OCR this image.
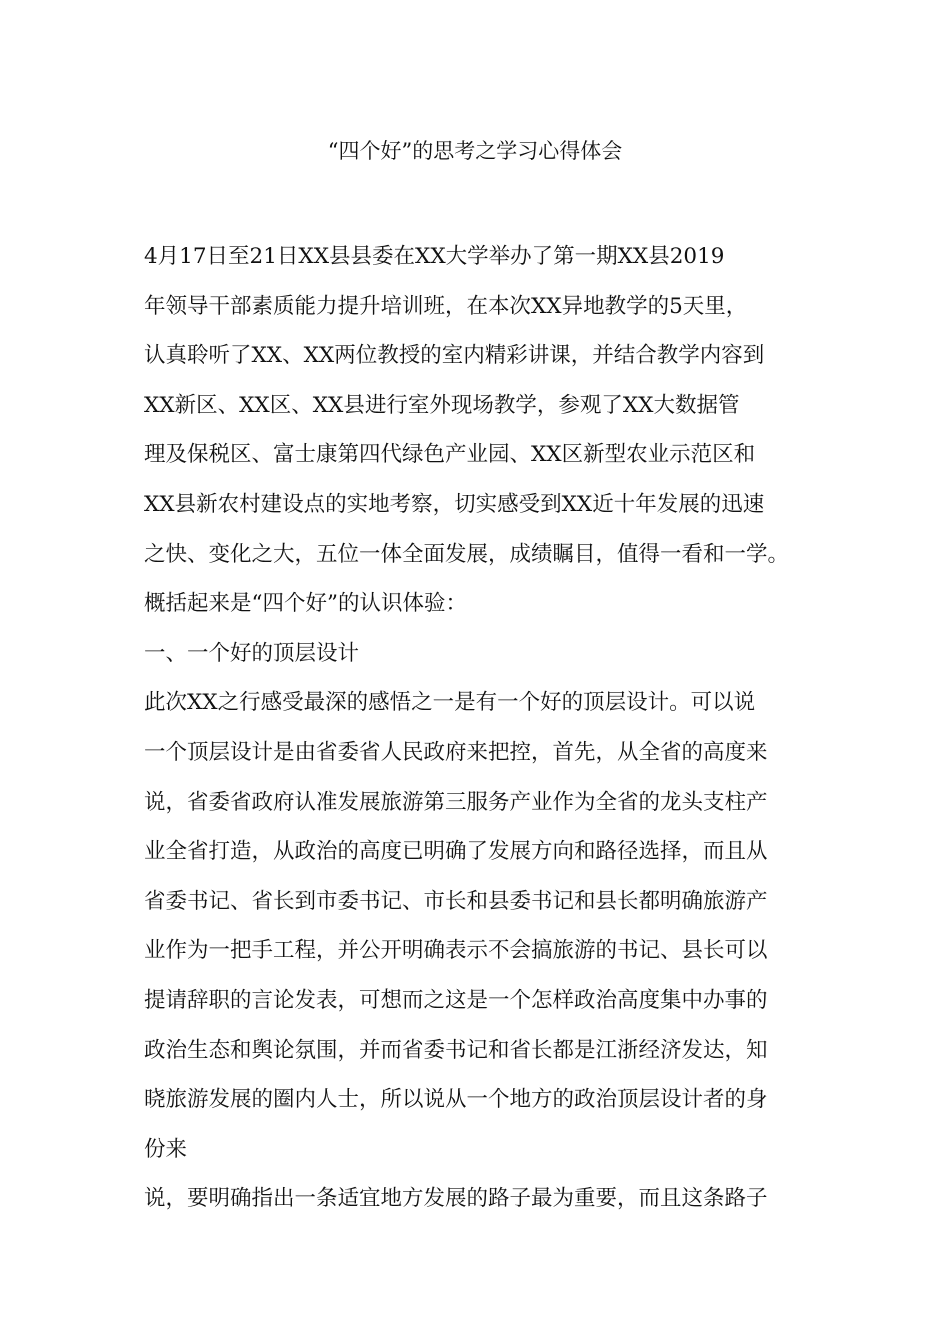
“四个好”的思考之学习心得体会
4月17日至21日XX县县委在XX大学举办了第一期XX县2019
年领导干部素质能力提升培训班，在本次XX异地教学的5天里，
认真聆听了XX、XX两位教授的室内精彩讲课，并结合教学内容到
XX新区、XX区、XX县进行室外现场教学，参观了XX大数据管
理及保税区、富士康第四代绿色产业园、XX区新型农业示范区和
XX县新农村建设点的实地考察，切实感受到XX近十年发展的迅速
之快、变化之大，五位一体全面发展，成绩瞩目，值得一看和一学。
概括起来是“四个好”的认识体验：
一、一个好的顶层设计
此次XX之行感受最深的感悟之一是有一个好的顶层设计。可以说
一个顶层设计是由省委省人民政府来把控，首先，从全省的高度来
说，省委省政府认准发展旅游第三服务产业作为全省的龙头支柱产
业全省打造，从政治的高度已明确了发展方向和路径选择，而且从
省委书记、省长到市委书记、市长和县委书记和县长都明确旅游产
业作为一把手工程，并公开明确表示不会搞旅游的书记、县长可以
提请辞职的言论发表，可想而之这是一个怎样政治高度集中办事的
政治生态和舆论氛围，并而省委书记和省长都是江浙经济发达，知
晓旅游发展的圈内人士，所以说从一个地方的政治顶层设计者的身
份来
说，要明确指出一条适宜地方发展的路子最为重要，而且这条路子
